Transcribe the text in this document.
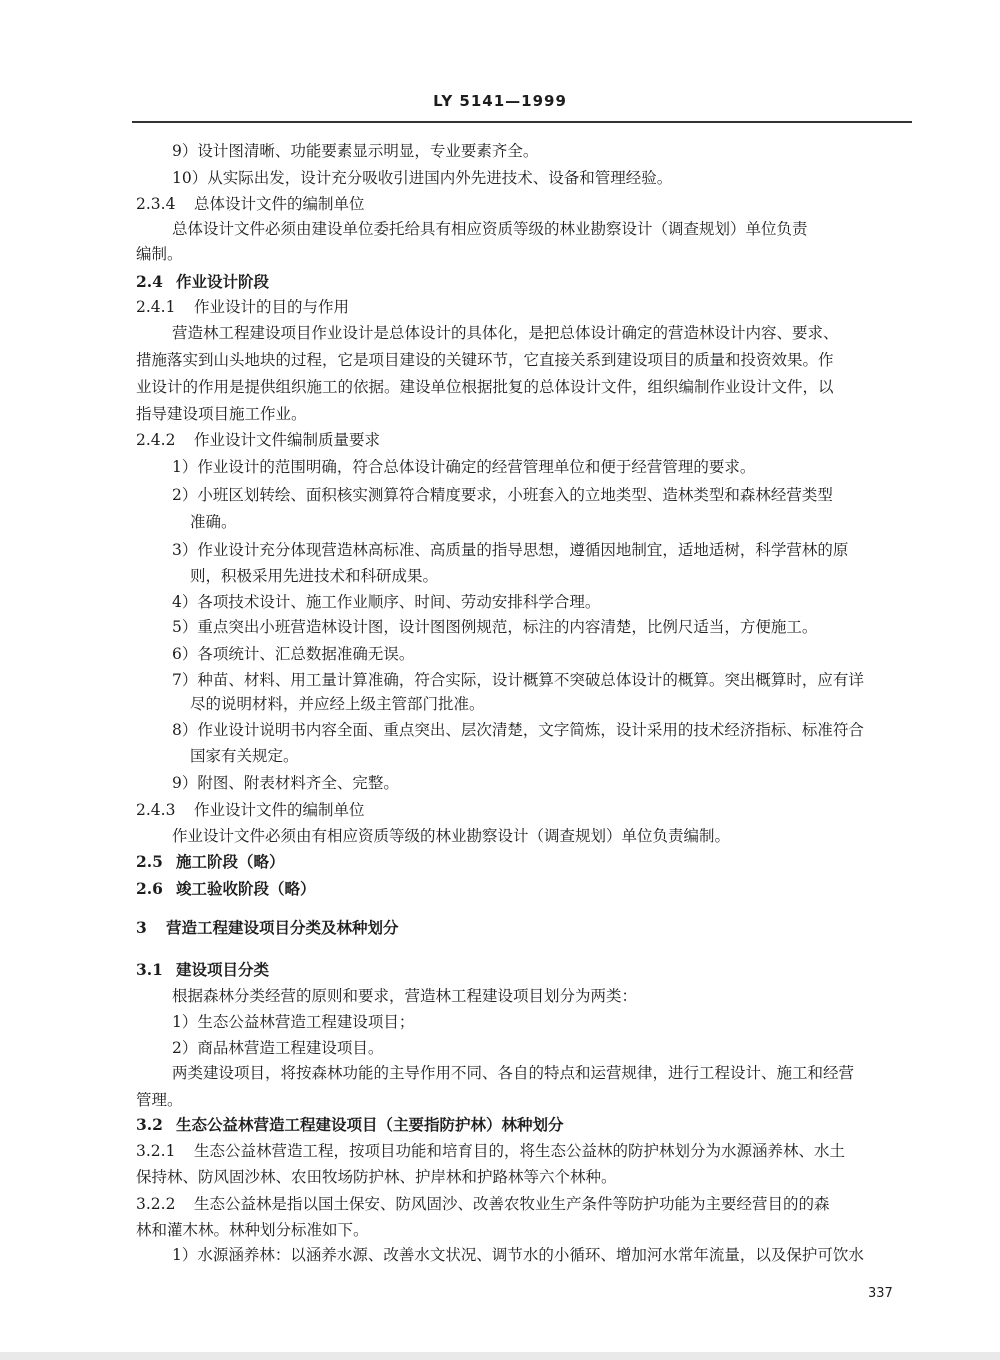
LY 5141—1999
9）设计图清晰、功能要素显示明显，专业要素齐全。
10）从实际出发，设计充分吸收引进国内外先进技术、设备和管理经验。
2.3.4 总体设计文件的编制单位
总体设计文件必须由建设单位委托给具有相应资质等级的林业勘察设计（调查规划）单位负责
编制。
2.4 作业设计阶段
2.4.1 作业设计的目的与作用
营造林工程建设项目作业设计是总体设计的具体化，是把总体设计确定的营造林设计内容、要求、
措施落实到山头地块的过程，它是项目建设的关键环节，它直接关系到建设项目的质量和投资效果。作
业设计的作用是提供组织施工的依据。建设单位根据批复的总体设计文件，组织编制作业设计文件，以
指导建设项目施工作业。
2.4.2 作业设计文件编制质量要求
1）作业设计的范围明确，符合总体设计确定的经营管理单位和便于经营管理的要求。
2）小班区划转绘、面积核实测算符合精度要求，小班套入的立地类型、造林类型和森林经营类型
准确。
3）作业设计充分体现营造林高标准、高质量的指导思想，遵循因地制宜，适地适树，科学营林的原
则，积极采用先进技术和科研成果。
4）各项技术设计、施工作业顺序、时间、劳动安排科学合理。
5）重点突出小班营造林设计图，设计图图例规范，标注的内容清楚，比例尺适当，方便施工。
6）各项统计、汇总数据准确无误。
7）种苗、材料、用工量计算准确，符合实际，设计概算不突破总体设计的概算。突出概算时，应有详
尽的说明材料，并应经上级主管部门批准。
8）作业设计说明书内容全面、重点突出、层次清楚，文字简炼，设计采用的技术经济指标、标准符合
国家有关规定。
9）附图、附表材料齐全、完整。
2.4.3 作业设计文件的编制单位
作业设计文件必须由有相应资质等级的林业勘察设计（调查规划）单位负责编制。
2.5 施工阶段（略）
2.6 竣工验收阶段（略）
3 营造工程建设项目分类及林种划分
3.1 建设项目分类
根据森林分类经营的原则和要求，营造林工程建设项目划分为两类：
1）生态公益林营造工程建设项目；
2）商品林营造工程建设项目。
两类建设项目，将按森林功能的主导作用不同、各自的特点和运营规律，进行工程设计、施工和经营
管理。
3.2 生态公益林营造工程建设项目（主要指防护林）林种划分
3.2.1 生态公益林营造工程，按项目功能和培育目的，将生态公益林的防护林划分为水源涵养林、水土
保持林、防风固沙林、农田牧场防护林、护岸林和护路林等六个林种。
3.2.2 生态公益林是指以国土保安、防风固沙、改善农牧业生产条件等防护功能为主要经营目的的森
林和灌木林。林种划分标准如下。
1）水源涵养林：以涵养水源、改善水文状况、调节水的小循环、增加河水常年流量，以及保护可饮水
337
